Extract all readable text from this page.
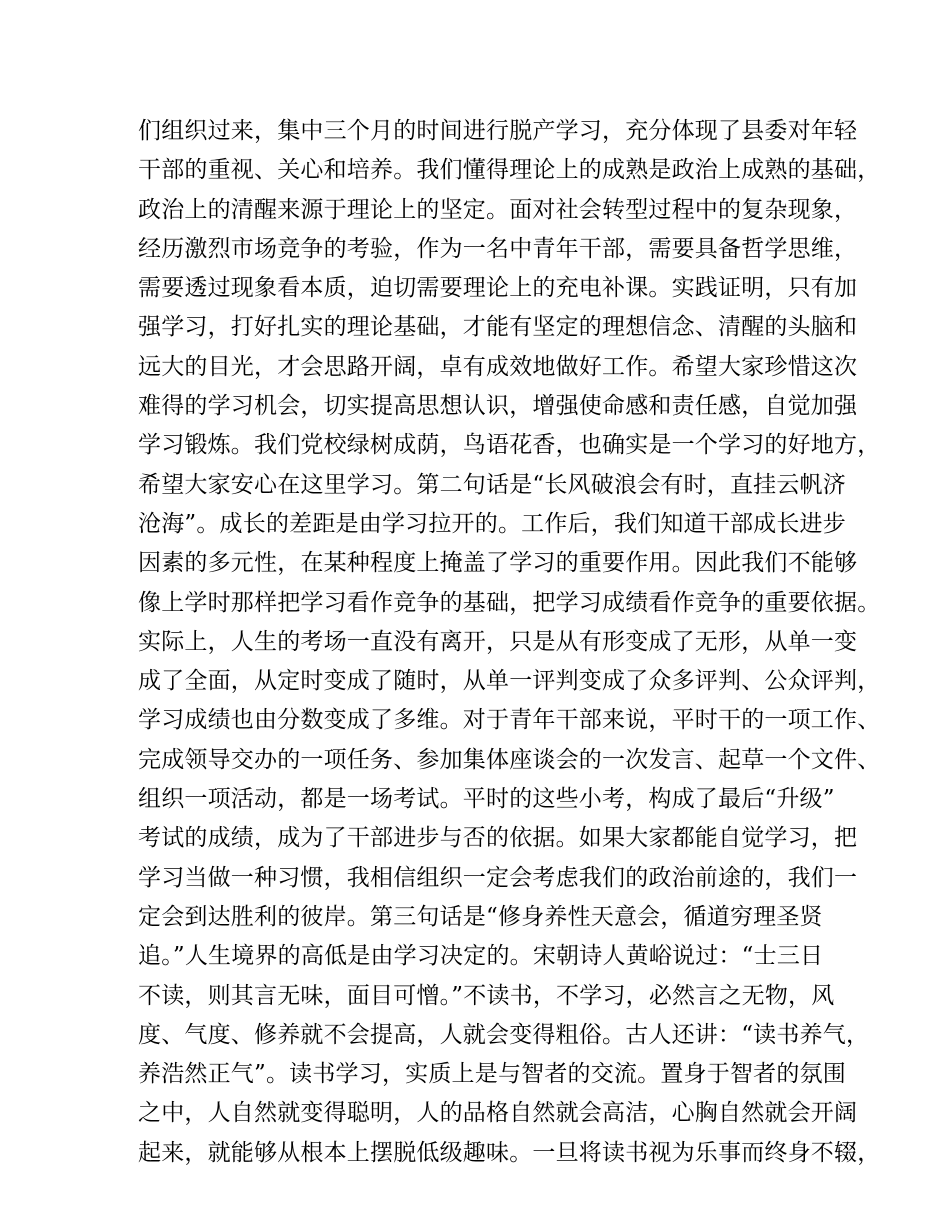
们组织过来，集中三个月的时间进行脱产学习，充分体现了县委对年轻
干部的重视、关心和培养。我们懂得理论上的成熟是政治上成熟的基础，
政治上的清醒来源于理论上的坚定。面对社会转型过程中的复杂现象，
经历激烈市场竞争的考验，作为一名中青年干部，需要具备哲学思维，
需要透过现象看本质，迫切需要理论上的充电补课。实践证明，只有加
强学习，打好扎实的理论基础，才能有坚定的理想信念、清醒的头脑和
远大的目光，才会思路开阔，卓有成效地做好工作。希望大家珍惜这次
难得的学习机会，切实提高思想认识，增强使命感和责任感，自觉加强
学习锻炼。我们党校绿树成荫，鸟语花香，也确实是一个学习的好地方，
希望大家安心在这里学习。第二句话是“长风破浪会有时，直挂云帆济
沧海”。成长的差距是由学习拉开的。工作后，我们知道干部成长进步
因素的多元性，在某种程度上掩盖了学习的重要作用。因此我们不能够
像上学时那样把学习看作竞争的基础，把学习成绩看作竞争的重要依据。
实际上，人生的考场一直没有离开，只是从有形变成了无形，从单一变
成了全面，从定时变成了随时，从单一评判变成了众多评判、公众评判，
学习成绩也由分数变成了多维。对于青年干部来说，平时干的一项工作、
完成领导交办的一项任务、参加集体座谈会的一次发言、起草一个文件、
组织一项活动，都是一场考试。平时的这些小考，构成了最后“升级”
考试的成绩，成为了干部进步与否的依据。如果大家都能自觉学习，把
学习当做一种习惯，我相信组织一定会考虑我们的政治前途的，我们一
定会到达胜利的彼岸。第三句话是“修身养性天意会，循道穷理圣贤
追。”人生境界的高低是由学习决定的。宋朝诗人黄峪说过：“士三日
不读，则其言无味，面目可憎。”不读书，不学习，必然言之无物，风
度、气度、修养就不会提高，人就会变得粗俗。古人还讲：“读书养气，
养浩然正气”。读书学习，实质上是与智者的交流。置身于智者的氛围
之中，人自然就变得聪明，人的品格自然就会高洁，心胸自然就会开阔
起来，就能够从根本上摆脱低级趣味。一旦将读书视为乐事而终身不辍，
